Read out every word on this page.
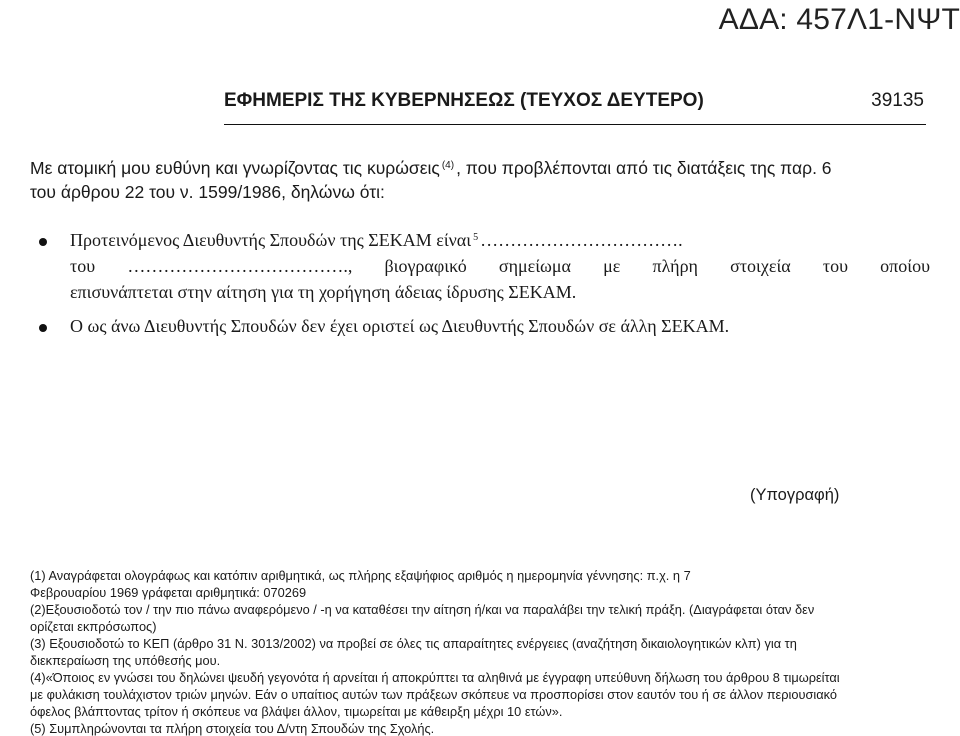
ΑΔΑ: 457Λ1-ΝΨΤ
ΕΦΗΜΕΡΙΣ ΤΗΣ ΚΥΒΕΡΝΗΣΕΩΣ (ΤΕΥΧΟΣ ΔΕΥΤΕΡΟ)	39135
Με ατομική μου ευθύνη και γνωρίζοντας τις κυρώσεις $^{(4)}$ , που προβλέπονται από τις διατάξεις της παρ. 6
του άρθρου 22 του ν. 1599/1986, δηλώνω ότι:
Προτεινόμενος Διευθυντής Σπουδών της ΣΕΚΑΜ είναι $^5$ …………………………….
του ………………………………., βιογραφικό σημείωμα με πλήρη στοιχεία του οποίου
επισυνάπτεται στην αίτηση για τη χορήγηση άδειας ίδρυσης ΣΕΚΑΜ.
Ο ως άνω Διευθυντής Σπουδών δεν έχει οριστεί ως Διευθυντής Σπουδών σε άλλη ΣΕΚΑΜ.
(Υπογραφή)
(1) Αναγράφεται ολογράφως και κατόπιν αριθμητικά, ως πλήρης εξαψήφιος αριθμός η ημερομηνία γέννησης: π.χ. η 7
Φεβρουαρίου 1969 γράφεται αριθμητικά: 070269
(2)Εξουσιοδοτώ τον / την πιο πάνω αναφερόμενο / -η να καταθέσει την αίτηση ή/και να παραλάβει την τελική πράξη. (Διαγράφεται όταν δεν
ορίζεται εκπρόσωπος)
(3) Εξουσιοδοτώ το ΚΕΠ (άρθρο 31 Ν. 3013/2002) να προβεί σε όλες τις απαραίτητες ενέργειες (αναζήτηση δικαιολογητικών κλπ) για τη
διεκπεραίωση της υπόθεσής μου.
(4)«Όποιος εν γνώσει του δηλώνει ψευδή γεγονότα ή αρνείται ή αποκρύπτει τα αληθινά με έγγραφη υπεύθυνη δήλωση του άρθρου 8 τιμωρείται
με φυλάκιση τουλάχιστον τριών μηνών. Εάν ο υπαίτιος αυτών των πράξεων σκόπευε να προσπορίσει στον εαυτόν του ή σε άλλον περιουσιακό
όφελος βλάπτοντας τρίτον ή σκόπευε να βλάψει άλλον, τιμωρείται με κάθειρξη μέχρι 10 ετών».
(5) Συμπληρώνονται τα πλήρη στοιχεία του Δ/ντη Σπουδών της Σχολής.
